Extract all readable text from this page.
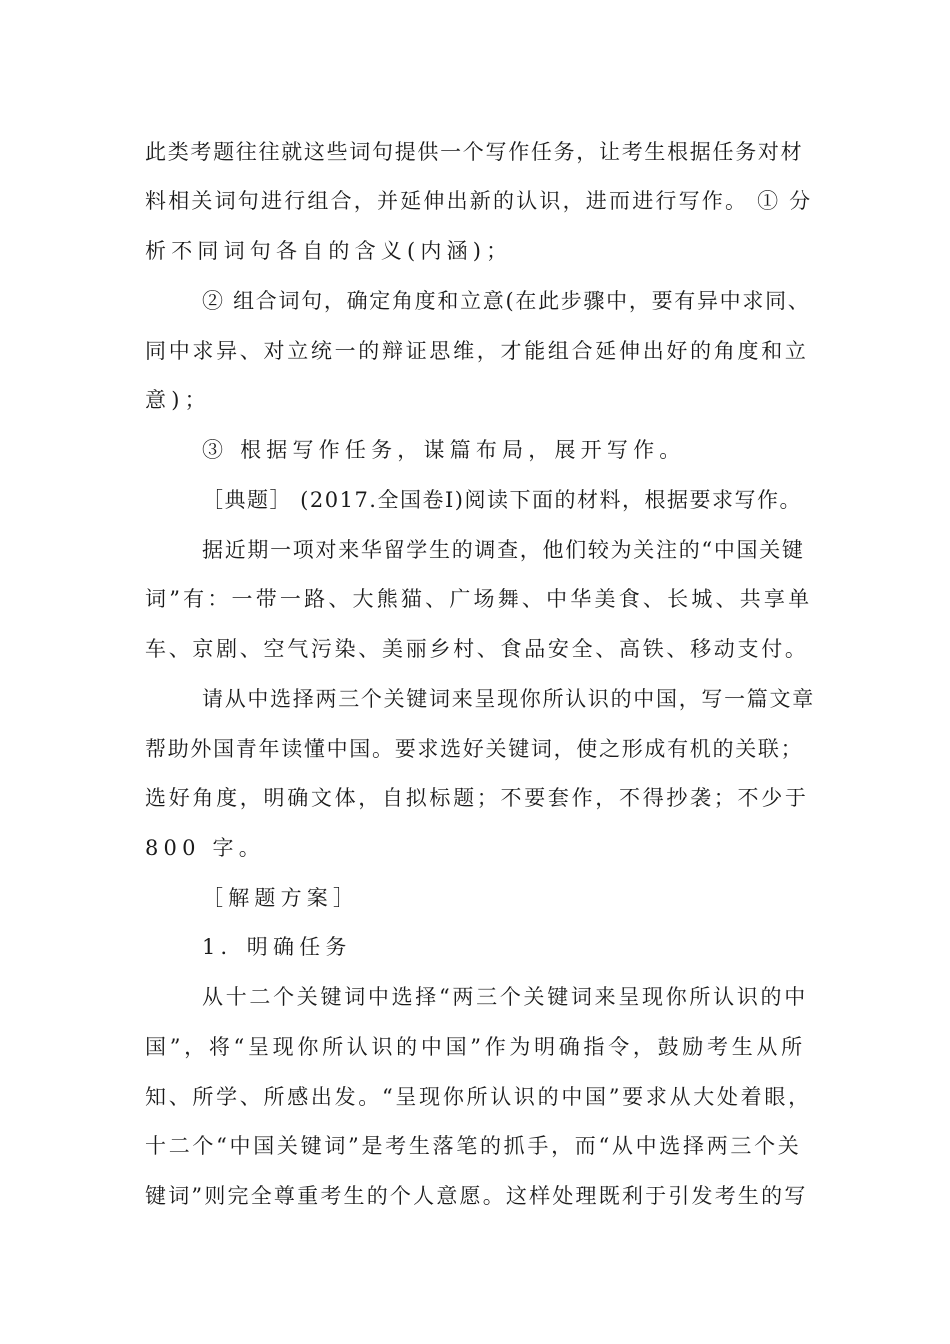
此类考题往往就这些词句提供一个写作任务，让考生根据任务对材
料相关词句进行组合，并延伸出新的认识，进而进行写作。 ① 分
析不同词句各自的含义(内涵)；
② 组合词句，确定角度和立意(在此步骤中，要有异中求同、
同中求异、对立统一的辩证思维，才能组合延伸出好的角度和立
意)；
③ 根据写作任务，谋篇布局，展开写作。
［典题］ (2017.全国卷Ⅰ)阅读下面的材料，根据要求写作。
据近期一项对来华留学生的调查，他们较为关注的“中国关键
词”有：一带一路、大熊猫、广场舞、中华美食、长城、共享单
车、京剧、空气污染、美丽乡村、食品安全、高铁、移动支付。
请从中选择两三个关键词来呈现你所认识的中国，写一篇文章
帮助外国青年读懂中国。要求选好关键词，使之形成有机的关联；
选好角度，明确文体，自拟标题；不要套作，不得抄袭；不少于
800 字。
［解题方案］
1．明确任务
从十二个关键词中选择“两三个关键词来呈现你所认识的中
国”，将“呈现你所认识的中国”作为明确指令，鼓励考生从所
知、所学、所感出发。“呈现你所认识的中国”要求从大处着眼，
十二个“中国关键词”是考生落笔的抓手，而“从中选择两三个关
键词”则完全尊重考生的个人意愿。这样处理既利于引发考生的写
